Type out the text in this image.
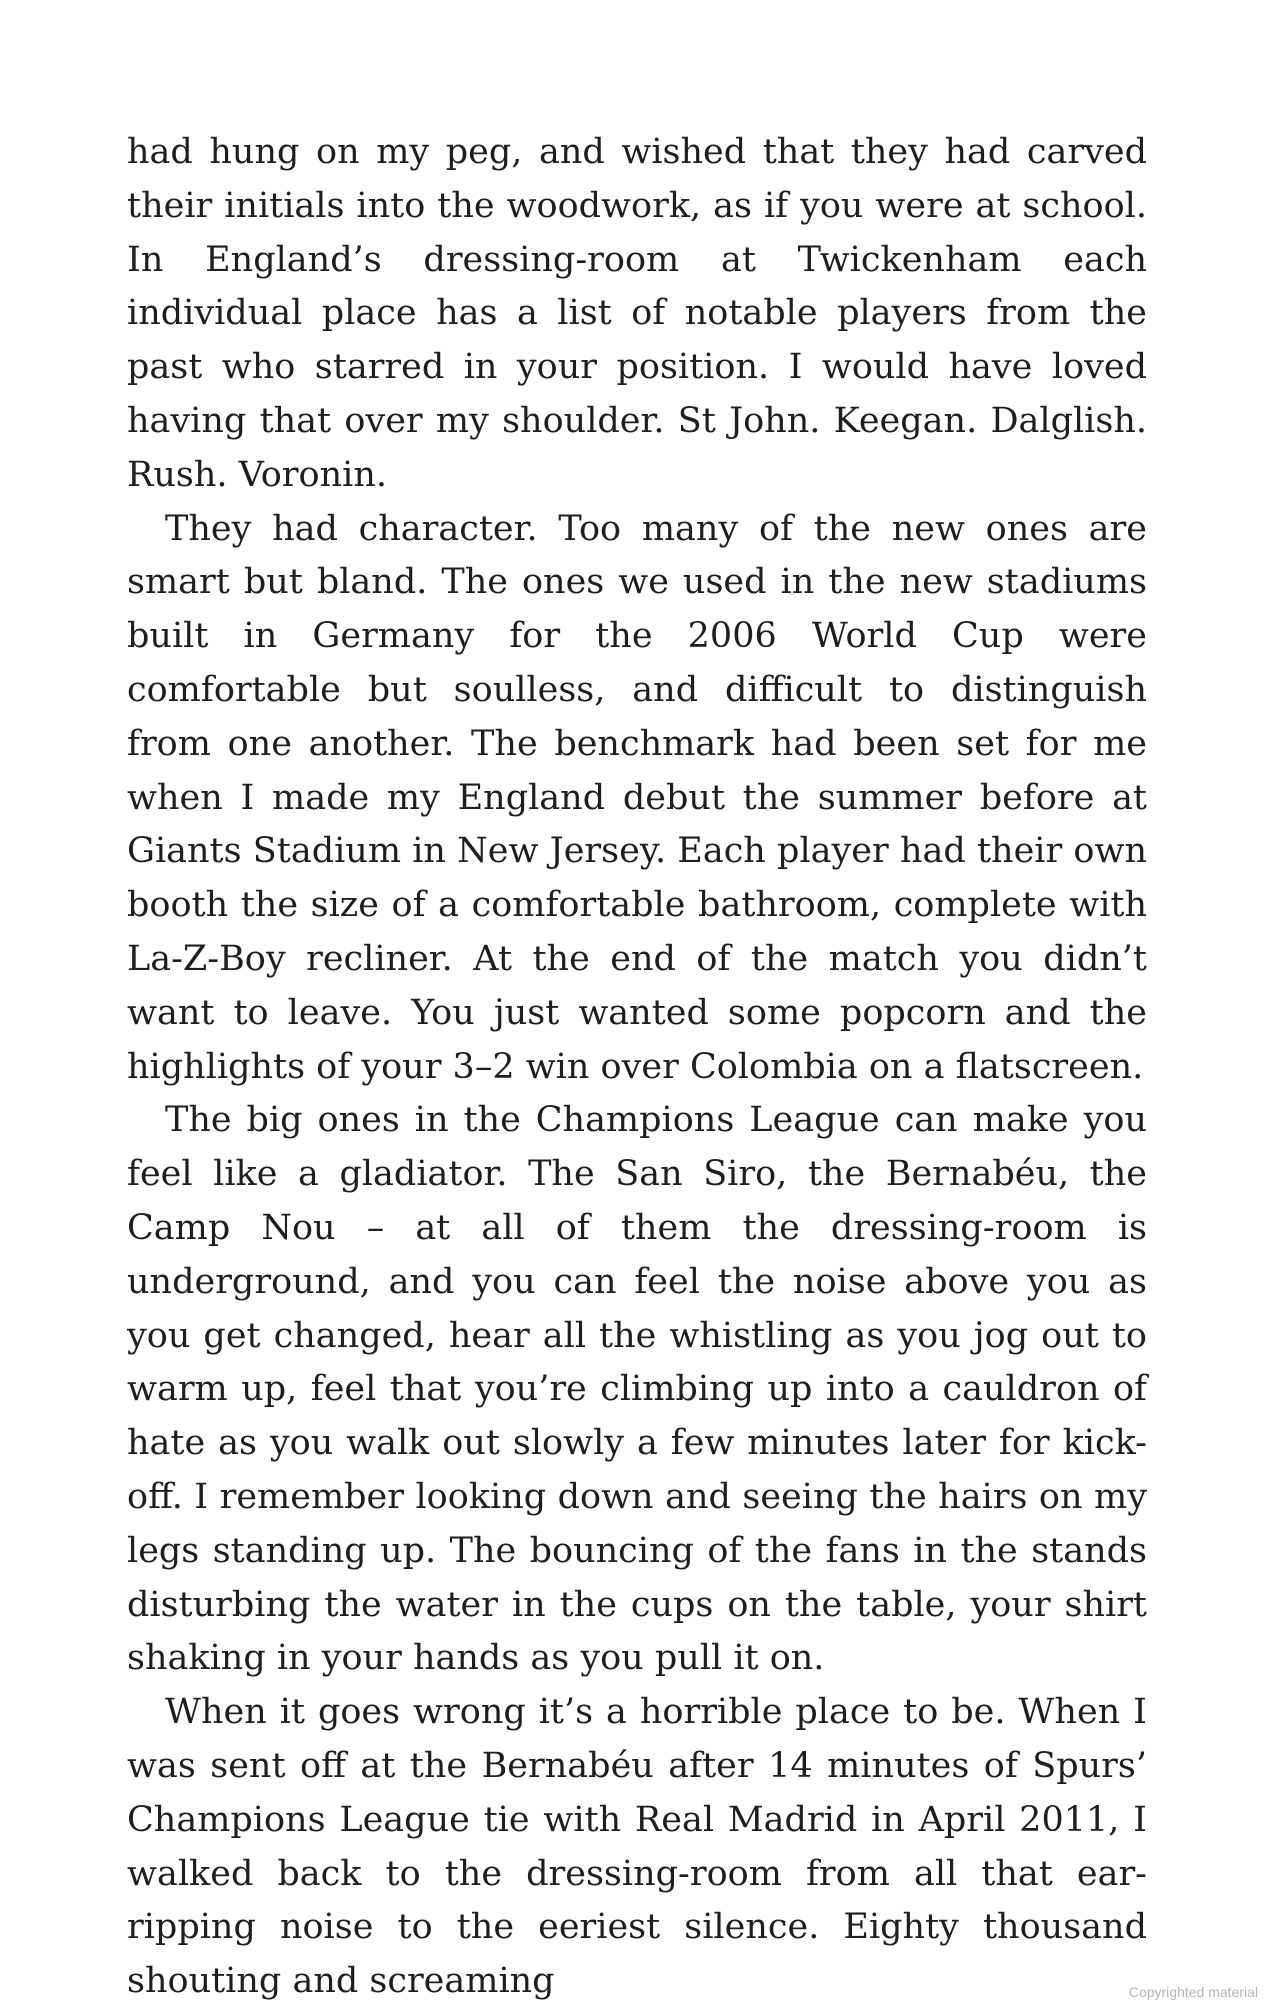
had hung on my peg, and wished that they had carved their initials into the woodwork, as if you were at school. In England’s dressing-room at Twickenham each individual place has a list of notable players from the past who starred in your position. I would have loved having that over my shoulder. St John. Keegan. Dalglish. Rush. Voronin.

They had character. Too many of the new ones are smart but bland. The ones we used in the new stadiums built in Germany for the 2006 World Cup were comfortable but soulless, and difficult to distinguish from one another. The benchmark had been set for me when I made my England debut the summer before at Giants Stadium in New Jersey. Each player had their own booth the size of a comfortable bathroom, complete with La-Z-Boy recliner. At the end of the match you didn’t want to leave. You just wanted some popcorn and the highlights of your 3–2 win over Colombia on a flatscreen.

The big ones in the Champions League can make you feel like a gladiator. The San Siro, the Bernabéu, the Camp Nou – at all of them the dressing-room is underground, and you can feel the noise above you as you get changed, hear all the whistling as you jog out to warm up, feel that you’re climbing up into a cauldron of hate as you walk out slowly a few minutes later for kick-off. I remember looking down and seeing the hairs on my legs standing up. The bouncing of the fans in the stands disturbing the water in the cups on the table, your shirt shaking in your hands as you pull it on.

When it goes wrong it’s a horrible place to be. When I was sent off at the Bernabéu after 14 minutes of Spurs’ Champions League tie with Real Madrid in April 2011, I walked back to the dressing-room from all that ear-ripping noise to the eeriest silence. Eighty thousand shouting and screaming	Copyrighted material
